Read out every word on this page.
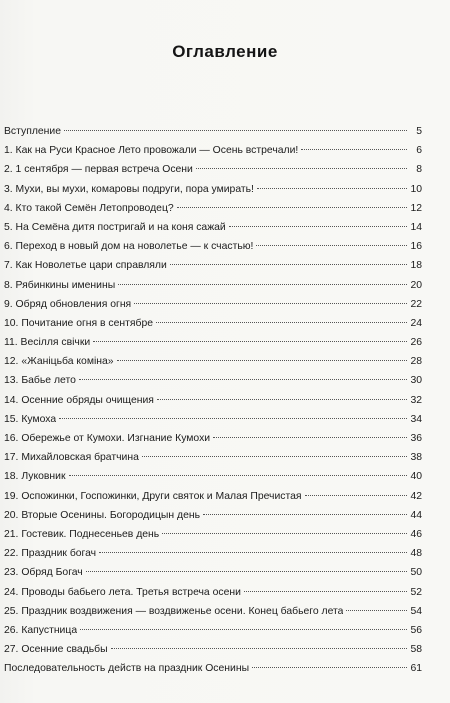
Оглавление
Вступление	5
1. Как на Руси Красное Лето провожали — Осень встречали!	6
2. 1 сентября — первая встреча Осени	8
3. Мухи, вы мухи, комаровы подруги, пора умирать!	10
4. Кто такой Семён Летопроводец?	12
5. На Семёна дитя постригай и на коня сажай	14
6. Переход в новый дом на новолетье — к счастью!	16
7. Как Новолетье цари справляли	18
8. Рябинкины именины	20
9. Обряд обновления огня	22
10. Почитание огня в сентябре	24
11. Весілля свічки	26
12. «Жаніцьба коміна»	28
13. Бабье лето	30
14. Осенние обряды очищения	32
15. Кумоха	34
16. Обережье от Кумохи. Изгнание Кумохи	36
17. Михайловская братчина	38
18. Луковник	40
19. Оспожинки, Госпожинки, Други святок и Малая Пречистая	42
20. Вторые Осенины. Богородицын день	44
21. Гостевик. Поднесеньев день	46
22. Праздник богач	48
23. Обряд Богач	50
24. Проводы бабьего лета. Третья встреча осени	52
25. Праздник воздвижения — воздвиженье осени. Конец бабьего лета	54
26. Капустница	56
27. Осенние свадьбы	58
Последовательность действ на праздник Осенины	61
